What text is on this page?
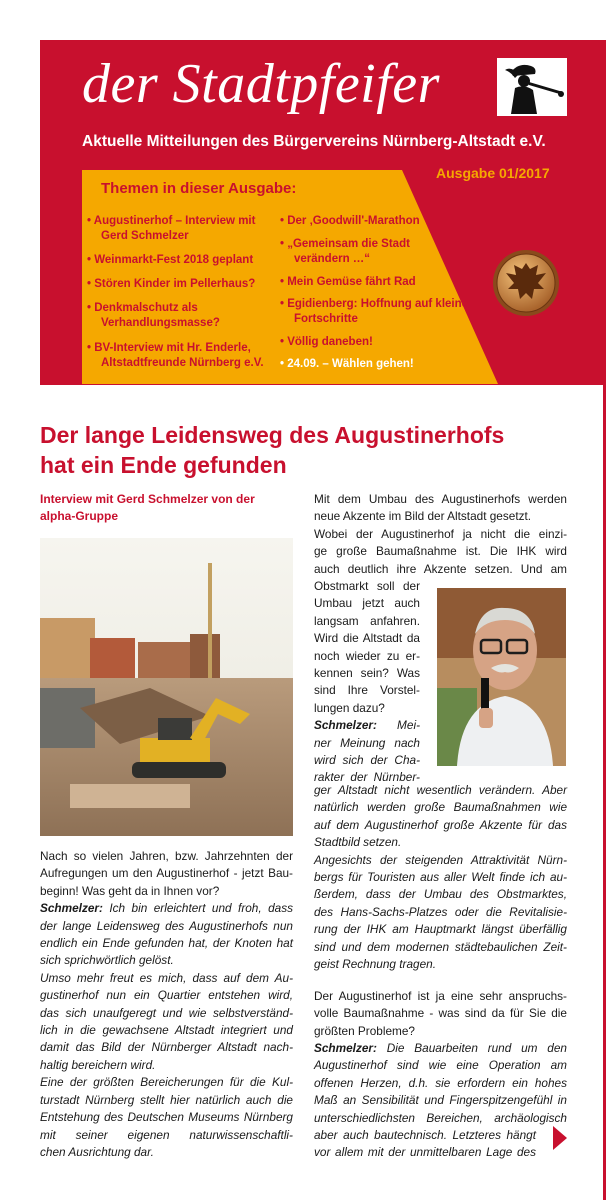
der Stadtpfeifer
Aktuelle Mitteilungen des Bürgervereins Nürnberg-Altstadt e.V.
Ausgabe 01/2017
Themen in dieser Ausgabe:
• Augustinerhof – Interview mit
Gerd Schmelzer
• Weinmarkt-Fest 2018 geplant
• Stören Kinder im Pellerhaus?
• Denkmalschutz als
Verhandlungsmasse?
• BV-Interview mit Hr. Enderle,
Altstadtfreunde Nürnberg e.V.
• Der ‚Goodwill'-Marathon
• „Gemeinsam die Stadt
verändern …“
• Mein Gemüse fährt Rad
• Egidienberg: Hoffnung auf kleine
Fortschritte
• Völlig daneben!
• 24.09. – Wählen gehen!
Der lange Leidensweg des Augustinerhofs
hat ein Ende gefunden
Interview mit Gerd Schmelzer von der
alpha-Gruppe

Nach so vielen Jahren, bzw. Jahrzehnten der
Aufregungen um den Augustinerhof - jetzt Bau-
beginn! Was geht da in Ihnen vor?

Schmelzer: Ich bin erleichtert und froh, dass
der lange Leidensweg des Augustinerhofs nun
endlich ein Ende gefunden hat, der Knoten hat
sich sprichwörtlich gelöst.

Umso mehr freut es mich, dass auf dem Au-
gustinerhof nun ein Quartier entstehen wird,
das sich unaufgeregt und wie selbstverständ-
lich in die gewachsene Altstadt integriert und
damit das Bild der Nürnberger Altstadt nach-
haltig bereichern wird.

Eine der größten Bereicherungen für die Kul-
turstadt Nürnberg stellt hier natürlich auch die
Entstehung des Deutschen Museums Nürnberg
mit seiner eigenen naturwissenschaftli-
chen Ausrichtung dar.

Mit dem Umbau des Augustinerhofs werden
neue Akzente im Bild der Altstadt gesetzt.
Wobei der Augustinerhof ja nicht die einzi-
ge große Baumaßnahme ist. Die IHK wird
auch deutlich ihre Akzente setzen. Und am
Obstmarkt soll der
Umbau jetzt auch
langsam anfahren.
Wird die Altstadt da
noch wieder zu er-
kennen sein? Was
sind Ihre Vorstel-
lungen dazu?
Schmelzer: Mei-
ner Meinung nach
wird sich der Cha-
rakter der Nürnber-
ger Altstadt nicht wesentlich verändern. Aber
natürlich werden große Baumaßnahmen wie
auf dem Augustinerhof große Akzente für das
Stadtbild setzen.
Angesichts der steigenden Attraktivität Nürn-
bergs für Touristen aus aller Welt finde ich au-
ßerdem, dass der Umbau des Obstmarktes,
des Hans-Sachs-Platzes oder die Revitalisie-
rung der IHK am Hauptmarkt längst überfällig
sind und dem modernen städtebaulichen Zeit-
geist Rechnung tragen.
Der Augustinerhof ist ja eine sehr anspruchs-
volle Baumaßnahme - was sind da für Sie die
größten Probleme?
Schmelzer: Die Bauarbeiten rund um den
Augustinerhof sind wie eine Operation am
offenen Herzen, d.h. sie erfordern ein hohes
Maß an Sensibilität und Fingerspitzengefühl in
unterschiedlichsten Bereichen, archäologisch
aber auch bautechnisch. Letzteres hängt
vor allem mit der unmittelbaren Lage des
